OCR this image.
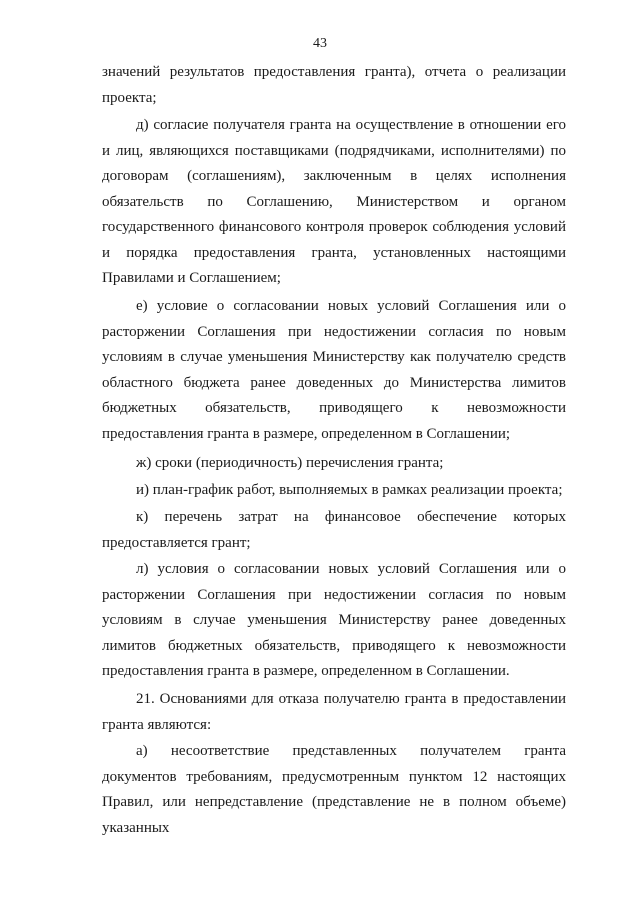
43

значений результатов предоставления гранта), отчета о реализации проекта;

д) согласие получателя гранта на осуществление в отношении его и лиц, являющихся поставщиками (подрядчиками, исполнителями) по договорам (соглашениям), заключенным в целях исполнения обязательств по Соглашению, Министерством и органом государственного финансового контроля проверок соблюдения условий и порядка предоставления гранта, установленных настоящими Правилами и Соглашением;

е) условие о согласовании новых условий Соглашения или о расторжении Соглашения при недостижении согласия по новым условиям в случае уменьшения Министерству как получателю средств областного бюджета ранее доведенных до Министерства лимитов бюджетных обязательств, приводящего к невозможности предоставления гранта в размере, определенном в Соглашении;

ж) сроки (периодичность) перечисления гранта;

и) план-график работ, выполняемых в рамках реализации проекта;

к) перечень затрат на финансовое обеспечение которых предоставляется грант;

л) условия о согласовании новых условий Соглашения или о расторжении Соглашения при недостижении согласия по новым условиям в случае уменьшения Министерству ранее доведенных лимитов бюджетных обязательств, приводящего к невозможности предоставления гранта в размере, определенном в Соглашении.

21. Основаниями для отказа получателю гранта в предоставлении гранта являются:

а) несоответствие представленных получателем гранта документов требованиям, предусмотренным пунктом 12 настоящих Правил, или непредставление (представление не в полном объеме) указанных
